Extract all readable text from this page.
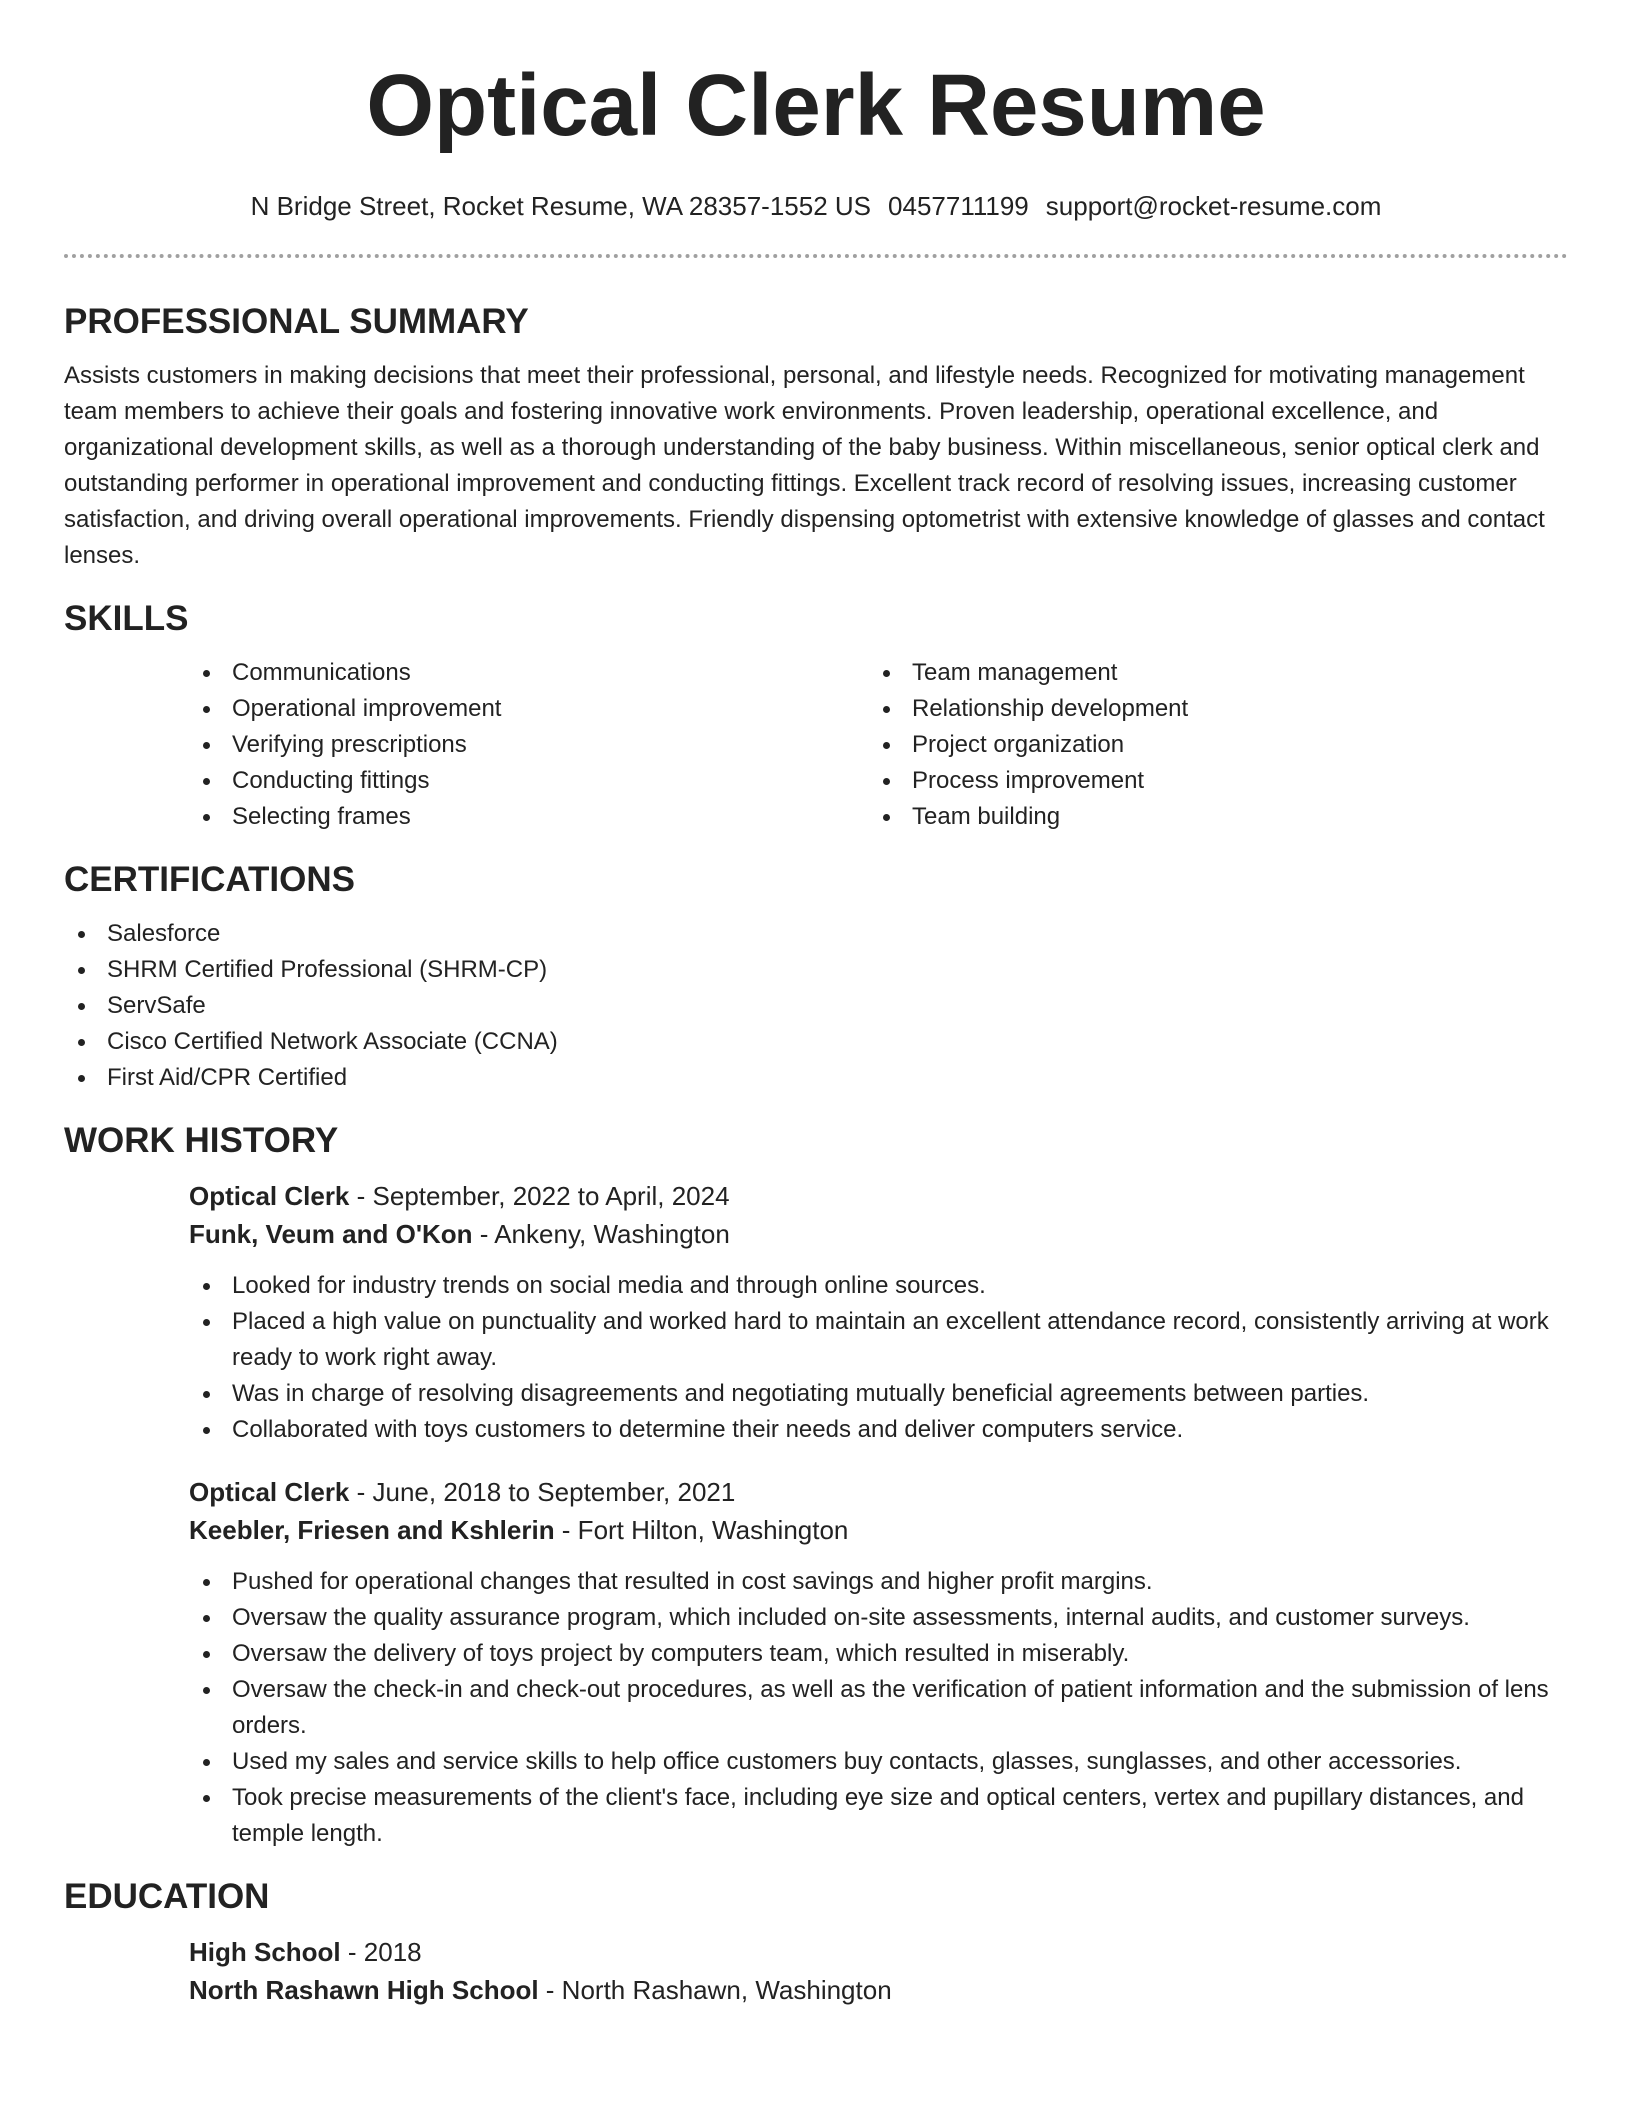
Optical Clerk Resume
N Bridge Street, Rocket Resume, WA 28357-1552 US 0457711199 support@rocket-resume.com
PROFESSIONAL SUMMARY

Assists customers in making decisions that meet their professional, personal, and lifestyle needs. Recognized for motivating management team members to achieve their goals and fostering innovative work environments. Proven leadership, operational excellence, and organizational development skills, as well as a thorough understanding of the baby business. Within miscellaneous, senior optical clerk and outstanding performer in operational improvement and conducting fittings. Excellent track record of resolving issues, increasing customer satisfaction, and driving overall operational improvements. Friendly dispensing optometrist with extensive knowledge of glasses and contact lenses.

SKILLS
Communications
Operational improvement
Verifying prescriptions
Conducting fittings
Selecting frames
Team management
Relationship development
Project organization
Process improvement
Team building
CERTIFICATIONS
Salesforce
SHRM Certified Professional (SHRM-CP)
ServSafe
Cisco Certified Network Associate (CCNA)
First Aid/CPR Certified
WORK HISTORY
Optical Clerk - September, 2022 to April, 2024
Funk, Veum and O'Kon - Ankeny, Washington
Looked for industry trends on social media and through online sources.
Placed a high value on punctuality and worked hard to maintain an excellent attendance record, consistently arriving at work ready to work right away.
Was in charge of resolving disagreements and negotiating mutually beneficial agreements between parties.
Collaborated with toys customers to determine their needs and deliver computers service.
Optical Clerk - June, 2018 to September, 2021
Keebler, Friesen and Kshlerin - Fort Hilton, Washington
Pushed for operational changes that resulted in cost savings and higher profit margins.
Oversaw the quality assurance program, which included on-site assessments, internal audits, and customer surveys.
Oversaw the delivery of toys project by computers team, which resulted in miserably.
Oversaw the check-in and check-out procedures, as well as the verification of patient information and the submission of lens orders.
Used my sales and service skills to help office customers buy contacts, glasses, sunglasses, and other accessories.
Took precise measurements of the client's face, including eye size and optical centers, vertex and pupillary distances, and temple length.
EDUCATION
High School - 2018
North Rashawn High School - North Rashawn, Washington
